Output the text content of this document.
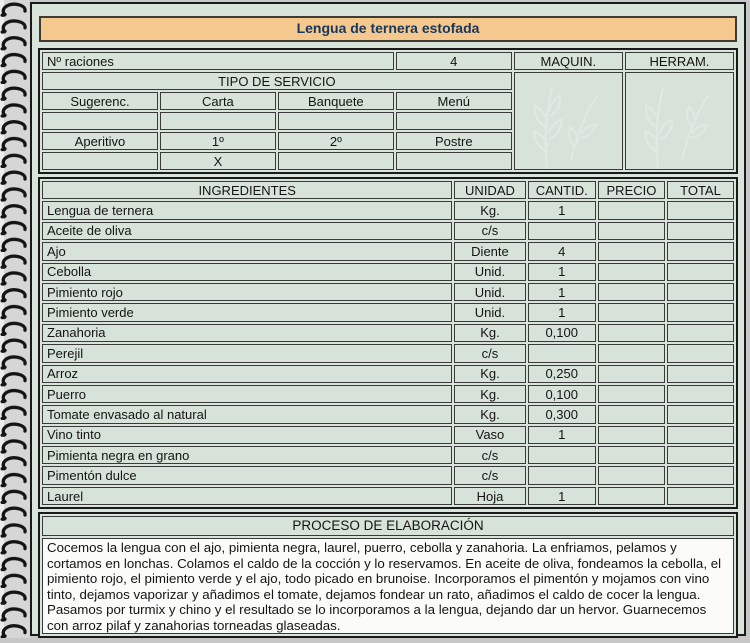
Lengua de ternera estofada
Nº raciones			4	MAQUIN.	HERRAM.
TIPO DE SERVICIO	

Sugerenc.	Carta	Banquete	Menú		

Aperitivo	1º	2º	Postre		
	X				
INGREDIENTES	UNIDAD	CANTID.	PRECIO	TOTAL
Lengua de ternera	Kg.	1		
Aceite de oliva	c/s			
Ajo	Diente	4		
Cebolla	Unid.	1		
Pimiento rojo	Unid.	1		
Pimiento verde	Unid.	1		
Zanahoria	Kg.	0,100		
Perejil	c/s			
Arroz	Kg.	0,250		
Puerro	Kg.	0,100		
Tomate envasado al natural	Kg.	0,300		
Vino tinto	Vaso	1		
Pimienta negra en grano	c/s			
Pimentón dulce	c/s			
Laurel	Hoja	1		
PROCESO DE ELABORACIÓN
Cocemos la lengua con el ajo, pimienta negra, laurel, puerro, cebolla y zanahoria. La enfriamos, pelamos y cortamos en lonchas. Colamos el caldo de la cocción y lo reservamos. En aceite de oliva, fondeamos la cebolla, el pimiento rojo, el pimiento verde y el ajo, todo picado en brunoise. Incorporamos el pimentón y mojamos con vino tinto, dejamos vaporizar y añadimos el tomate, dejamos fondear un rato, añadimos el caldo de cocer la lengua. Pasamos por turmix y chino y el resultado se lo incorporamos a la lengua, dejando dar un hervor. Guarnecemos con arroz pilaf y zanahorias torneadas glaseadas.
